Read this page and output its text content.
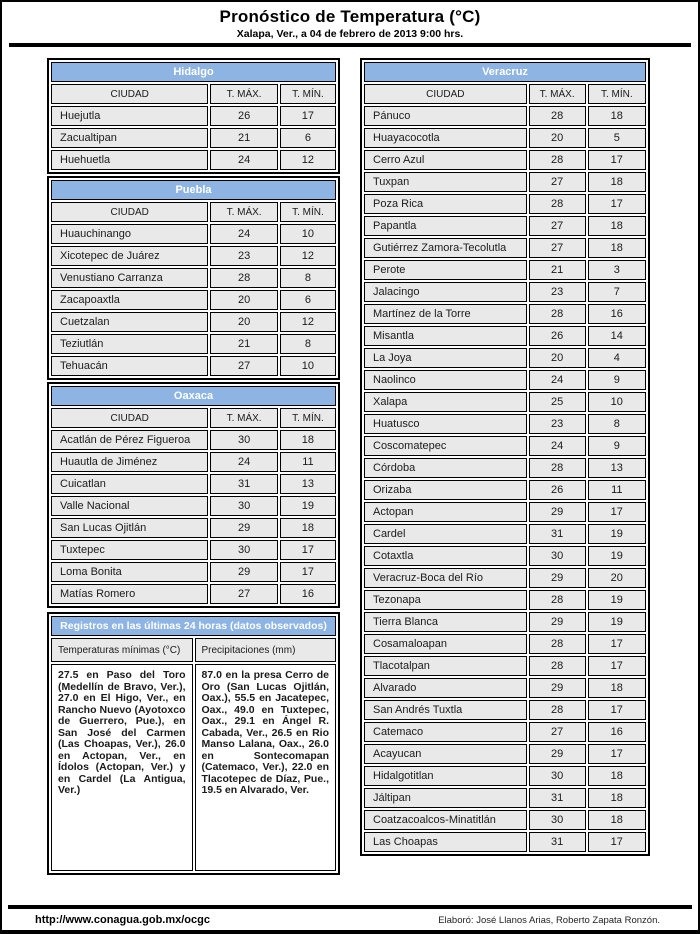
Pronóstico de Temperatura (°C)
Xalapa, Ver., a 04 de febrero de 2013 9:00 hrs.
Hidalgo		
CIUDAD	T. MÁX.	T. MÍN.
Huejutla	26	17
Zacualtipan	21	6
Huehuetla	24	12
Puebla		
CIUDAD	T. MÁX.	T. MÍN.
Huauchinango	24	10
Xicotepec de Juárez	23	12
Venustiano Carranza	28	8
Zacapoaxtla	20	6
Cuetzalan	20	12
Teziutlán	21	8
Tehuacán	27	10
Oaxaca		
CIUDAD	T. MÁX.	T. MÍN.
Acatlán de Pérez Figueroa	30	18
Huautla de Jiménez	24	11
Cuicatlan	31	13
Valle Nacional	30	19
San Lucas Ojitlán	29	18
Tuxtepec	30	17
Loma Bonita	29	17
Matías Romero	27	16
Registros en las últimas 24 horas (datos observados)	
Temperaturas mínimas (°C)	Precipitaciones (mm)
27.5 en Paso del Toro (Medellín de Bravo, Ver.), 27.0 en El Higo, Ver., en Rancho Nuevo (Ayotoxco de Guerrero, Pue.), en San José del Carmen (Las Choapas, Ver.), 26.0 en Actopan, Ver., en Ídolos (Actopan, Ver.) y en Cardel (La Antigua, Ver.)	87.0 en la presa Cerro de Oro (San Lucas Ojitlán, Oax.), 55.5 en Jacatepec, Oax., 49.0 en Tuxtepec, Oax., 29.1 en Ángel R. Cabada, Ver., 26.5 en Rio Manso Lalana, Oax., 26.0 en Sontecomapan (Catemaco, Ver.), 22.0 en Tlacotepec de Díaz, Pue., 19.5 en Alvarado, Ver.
Veracruz		
CIUDAD	T. MÁX.	T. MÍN.
Pánuco	28	18
Huayacocotla	20	5
Cerro Azul	28	17
Tuxpan	27	18
Poza Rica	28	17
Papantla	27	18
Gutiérrez Zamora-Tecolutla	27	18
Perote	21	3
Jalacingo	23	7
Martínez de la Torre	28	16
Misantla	26	14
La Joya	20	4
Naolinco	24	9
Xalapa	25	10
Huatusco	23	8
Coscomatepec	24	9
Córdoba	28	13
Orizaba	26	11
Actopan	29	17
Cardel	31	19
Cotaxtla	30	19
Veracruz-Boca del Río	29	20
Tezonapa	28	19
Tierra Blanca	29	19
Cosamaloapan	28	17
Tlacotalpan	28	17
Alvarado	29	18
San Andrés Tuxtla	28	17
Catemaco	27	16
Acayucan	29	17
Hidalgotitlan	30	18
Jáltipan	31	18
Coatzacoalcos-Minatitlán	30	18
Las Choapas	31	17
http://www.conagua.gob.mx/ocgc	Elaboró: José Llanos Arias, Roberto Zapata Ronzón.
